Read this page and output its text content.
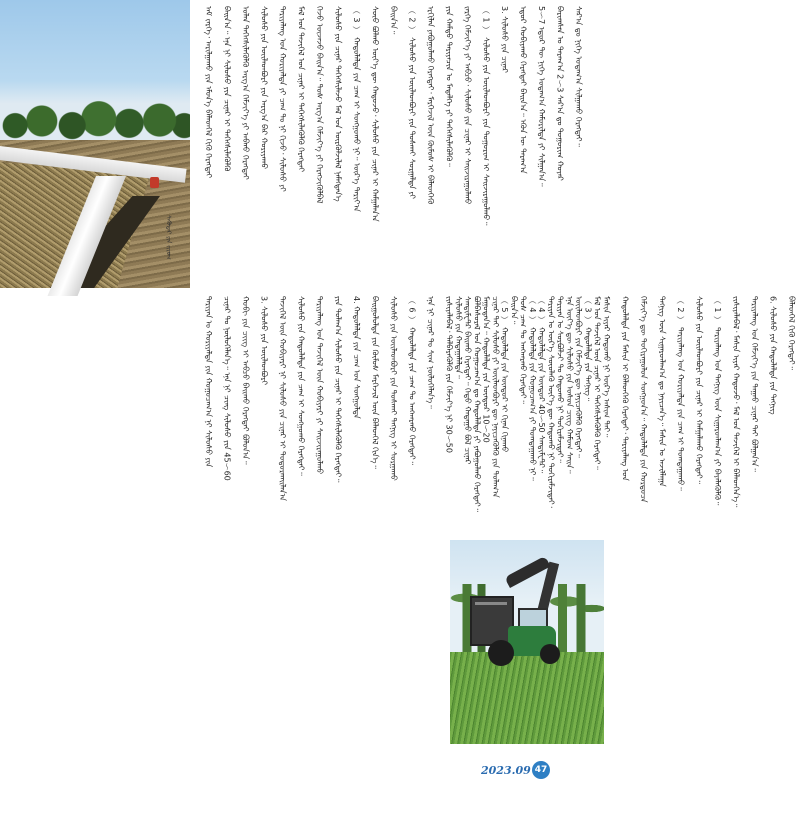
ᠰᠡᠭᠦᠳᠡᠷ ᠶᠢᠨ ᠵᠢᠷᠤᠭ
ᠠᠮ ᠵᠡᠷᠭᠡ᠂ ᠠᠷᠢᠯᠭᠠᠬᠤ ᠶᠢᠨ ᠡᠮᠦᠨ᠎ᠡ ᠪᠡᠯᠡᠳᠬᠡᠯ ᠬᠢᠬᠦ ᠬᠡᠷᠡᠭᠲᠡᠢ ᠪᠠᠢᠨ᠎ᠠ᠃ ᠡᠨᠡ ᠨᠢ ᠰᠢᠯᠤᠰᠤ ᠶᠢᠨ ᠴᠢᠨᠠᠷ ᠢ ᠳᠡᠭᠡᠭᠰᠢᠯᠡᠭᠦᠯᠬᠦ ᠤᠯᠠᠨ ᠳᠡᠭᠡᠭᠰᠢᠯᠡᠭᠦᠯᠬᠦ ᠠᠷᠭ᠎ᠠ ᠬᠡᠮᠵᠢᠶ᠎ᠡ ᠶᠢ ᠠᠪᠬᠤ ᠬᠡᠷᠡᠭᠲᠡᠢ ᠰᠢᠯᠤᠰᠤ ᠶᠢᠨ ᠦᠢᠯᠡᠳᠪᠦᠷᠢ ᠶᠢᠨ ᠠᠷᠭ᠎ᠠ ᠪᠠᠷ ᠬᠤᠷᠢᠶᠠᠬᠤ ᠲᠠᠷᠢᠶᠠᠯᠠᠩ ᠤᠨ ᠬᠤᠷᠢᠶᠠᠯᠲᠠ ᠶᠢ ᠴᠠᠭ ᠲᠤ ᠨᠢ ᠬᠢᠵᠦ᠂ ᠰᠢᠯᠤᠰᠤ ᠶᠢ ᠮᠠᠯ ᠤᠨ ᠲᠡᠵᠢᠭᠡᠯ ᠤᠨ ᠴᠢᠨᠠᠷ ᠢ ᠳᠡᠭᠡᠭᠰᠢᠯᠡᠭᠦᠯᠬᠦ ᠬᠡᠷᠡᠭᠲᠡᠢ ᠭᠡᠵᠦ ᠦᠵᠡᠵᠦ ᠪᠠᠢᠨ᠎ᠠ᠃ ᠲᠤᠰ ᠠᠷᠭ᠎ᠠ ᠬᠡᠮᠵᠢᠶ᠎ᠡ ᠶᠢ ᠬᠡᠷᠡᠭᠵᠢᠭᠦᠯᠪᠡᠯ ᠰᠢᠯᠤᠰᠤ ᠶᠢᠨ ᠴᠢᠨᠠᠷ ᠳᠡᠭᠡᠭᠰᠢᠯᠡᠵᠦ ᠮᠠᠯ ᠤᠨ ᠦᠷᠭᠦᠯᠵᠢᠯᠡᠯ ᠨᠡᠮᠡᠭᠳᠡᠨ᠎ᠡ （ 3 ） ᠬᠠᠳᠤᠯᠠᠯᠲᠠ ᠶᠢᠨ ᠴᠠᠭ ᠢ ᠰᠤᠩᠭᠤᠬᠤ ᠨᠢ᠃ ᠦᠷ᠎ᠡ ᠲᠠᠷᠢᠶ᠎ᠠ ᠰᠦᠦ ᠪᠤᠯᠬᠤ ᠦᠶ᠎ᠡ ᠳᠦ ᠬᠠᠳᠤᠵᠤ᠂ ᠰᠢᠯᠤᠰᠤ ᠶᠢᠨ ᠴᠢᠨᠠᠷ ᠢ ᠬᠠᠮᠭᠠᠯᠠᠨ᠎ᠠ ᠪᠠᠢᠨ᠎ᠠ᠃ （ 2 ） ᠰᠢᠯᠤᠰᠤ ᠶᠢᠨ ᠦᠢᠯᠡᠳᠪᠦᠷᠢ ᠶᠢᠨ ᠲᠤᠰᠬᠠᠢ ᠰᠤᠷᠭᠠᠯᠲᠠ ᠶᠢ ᠡᠷᠬᠢᠯᠡᠨ ᠶᠠᠪᠤᠭᠤᠯᠬᠤ ᠬᠡᠷᠡᠭᠲᠡᠢ᠂ ᠮᠡᠷᠭᠡᠵᠢᠯ ᠦᠨ ᠬᠦᠮᠦᠰ ᠢ ᠪᠡᠯᠡᠳᠬᠡᠬᠦ ᠶᠢᠨ ᠬᠠᠮᠲᠤ ᠲᠠᠷᠢᠶᠠᠴᠢᠨ ᠤ ᠮᠡᠳᠡᠯᠭᠡ ᠶᠢ ᠳᠡᠭᠡᠭᠰᠢᠯᠡᠭᠦᠯᠬᠦ᠃ ᠵᠡᠷᠭᠡ ᠬᠡᠮᠵᠢᠶ᠎ᠡ ᠶᠢ ᠠᠪᠴᠤ᠂ ᠰᠢᠯᠤᠰᠤ ᠶᠢᠨ ᠴᠢᠨᠠᠷ ᠢ ᠰᠠᠢᠵᠢᠷᠠᠭᠤᠯᠬᠤ （ 1 ） ᠰᠢᠯᠤᠰᠤ ᠶᠢᠨ ᠦᠢᠯᠡᠳᠪᠦᠷᠢ ᠶᠢᠨ ᠲᠤᠭᠤᠷᠢᠭ ᠢ ᠰᠠᠢᠵᠢᠷᠠᠭᠤᠯᠬᠤ᠃ 3. ᠰᠢᠯᠤᠰᠤ ᠶᠢᠨ ᠴᠢᠨᠠᠷ ᠡᠳᠦᠷ ᠬᠤᠪᠢᠶᠠᠬᠤ ᠬᠡᠷᠡᠭᠲᠡᠢ ᠪᠠᠢᠨ᠎ᠠ᠃ ᠡᠭᠦᠨ ᠦ ᠳᠠᠷᠠᠭ᠎ᠠ 5～7 ᠡᠳᠦᠷ ᠲᠦ ᠨᠢᠭᠡ ᠤᠳᠠᠭ᠎ᠠ ᠬᠠᠮᠤᠷᠢᠯᠲᠠ ᠶᠢ ᠰᠢᠯᠭᠠᠨ᠎ᠠ᠃ ᠪᠠᠷᠢᠭᠰᠠᠨ ᠤ ᠳᠠᠷᠠᠭ᠎ᠠ 2～3 ᠰᠠᠷ᠎ᠠ ᠳᠤ ᠲᠤᠭᠤᠷᠢᠭ ᠬᠤᠶᠠᠷ ᠰᠠᠷ᠎ᠠ ᠳᠤ ᠨᠢᠭᠡ ᠤᠳᠠᠭ᠎ᠠ ᠰᠢᠯᠭᠠᠬᠤ ᠬᠡᠷᠡᠭᠲᠡᠢ᠃
ᠲᠠᠷᠢᠶᠠᠨ ᠤ ᠬᠤᠷᠢᠶᠠᠯᠲᠠ ᠶᠢᠨ ᠬᠤᠭᠤᠴᠠᠭ᠎ᠠ ᠨᠢ ᠰᠢᠯᠤᠰᠤ ᠶᠢᠨ ᠴᠢᠨᠠᠷ ᠲᠤ ᠨᠦᠯᠦᠭᠡᠯᠡᠨ᠎ᠡ᠃ ᠡᠨᠡ ᠨᠢ ᠴᠢᠩ ᠰᠢᠯᠤᠰᠤ ᠶᠢᠨ 45～60 ᠬᠤᠪᠢ ᠶᠢᠨ ᠴᠢᠢᠭ ᠢ ᠠᠪᠴᠤ ᠪᠠᠢᠬᠤ ᠬᠡᠷᠡᠭᠲᠡᠢ ᠪᠤᠯᠤᠨ᠎ᠠ᠃ 3. ᠰᠢᠯᠤᠰᠤ ᠶᠢᠨ ᠦᠢᠯᠡᠳᠪᠦᠷᠢ ᠲᠡᠵᠢᠭᠡᠯ ᠦᠨ ᠬᠤᠪᠢᠶᠠᠷᠢ ᠨᠢ ᠰᠢᠯᠤᠰᠤ ᠶᠢᠨ ᠴᠢᠨᠠᠷ ᠢ ᠲᠤᠳᠤᠷᠬᠠᠢᠯᠠᠨ᠎ᠠ ᠰᠢᠯᠤᠰᠤ ᠶᠢᠨ ᠬᠠᠳᠤᠯᠠᠯᠲᠠ ᠶᠢᠨ ᠴᠠᠭ ᠢ ᠰᠤᠩᠭᠤᠬᠤ ᠬᠡᠷᠡᠭᠲᠡᠢ᠃ ᠲᠠᠷᠢᠶᠠᠯᠠᠩ ᠤᠨ ᠲᠡᠵᠢᠭᠡᠯ ᠦᠨ ᠬᠤᠪᠢᠶᠠᠷᠢ ᠶᠢ ᠰᠠᠢᠵᠢᠷᠠᠭᠤᠯᠬᠤ ᠶᠢᠨ ᠲᠤᠯᠠᠭ᠎ᠠ ᠰᠢᠯᠤᠰᠤ ᠶᠢᠨ ᠴᠢᠨᠠᠷ ᠢ ᠳᠡᠭᠡᠭᠰᠢᠯᠡᠭᠦᠯᠬᠦ ᠬᠡᠷᠡᠭᠲᠡᠢ᠃ 4. ᠬᠠᠳᠤᠯᠠᠯᠲᠠ ᠶᠢᠨ ᠴᠠᠭ ᠤᠨ ᠰᠤᠩᠭᠤᠯᠲᠠ ᠪᠠᠢᠭᠤᠯᠤᠯᠳᠠ ᠶᠢᠨ ᠬᠦᠮᠦᠰ ᠮᠡᠷᠭᠡᠵᠢᠯ ᠦᠨ ᠪᠡᠯᠡᠳᠬᠡᠯ ᠬᠢᠨ᠎ᠡ᠃ ᠰᠢᠯᠤᠰᠤ ᠶᠢᠨ ᠦᠢᠯᠡᠳᠪᠦᠷᠢ ᠶᠢᠨ ᠲᠤᠰᠬᠠᠢ ᠲᠡᠬᠨᠢᠭ ᠢ ᠰᠤᠷᠭᠠᠬᠤ （ 6 ） ᠬᠠᠳᠤᠯᠠᠯᠲᠠ ᠶᠢᠨ ᠴᠠᠭ ᠲᠤ ᠠᠩᠬᠠᠷᠬᠤ ᠬᠡᠷᠡᠭᠲᠡᠢ᠃ ᠡᠨᠡ ᠨᠢ ᠴᠢᠨᠠᠷ ᠲᠤ ᠰᠢᠭ᠋ ᠨᠦᠯᠦᠭᠡᠯᠡᠨ᠎ᠡ᠃ ᠵᠢᠰᠢᠶᠡᠯᠡᠪᠡᠯ᠂ ᠳᠡᠯᠪᠡᠷᠡᠭᠦᠯᠬᠦ ᠶᠢᠨ ᠬᠡᠮᠵᠢᠶ᠎ᠡ ᠨᠢ 30～50 ᠰᠠᠨᠲᠢᠮᠸᠲᠷ ᠪᠠᠢᠬᠤ ᠬᠡᠷᠡᠭᠲᠡᠢ᠃ ᠬᠡᠲᠦ ᠬᠠᠳᠠᠭᠤ ᠪᠤᠯ ᠴᠢᠨᠠᠷ ᠮᠠᠭᠤᠳᠠᠨ᠎ᠠ᠃ ᠬᠠᠳᠤᠯᠠᠯᠲᠠ ᠶᠢᠨ ᠦᠨᠳᠦᠷ 10～20 （ 5 ） ᠬᠠᠳᠤᠯᠠᠯᠲᠠ ᠶᠢᠨ ᠦᠨᠳᠦᠷ ᠢ ᠬᠢᠨᠠᠨ ᠬᠢᠨᠠᠬᠤ ᠲᠤᠰ ᠴᠠᠭ ᠲᠤ ᠠᠩᠬᠠᠷᠬᠤ ᠬᠡᠷᠡᠭᠲᠡᠢ᠃ （ 4 ） ᠬᠠᠳᠤᠯᠠᠯᠲᠠ ᠶᠢᠨ ᠦᠨᠳᠦᠷ 40～50 ᠰᠠᠨᠲᠢᠮᠸᠲᠷ᠃ ᠲᠠᠷᠢᠶᠠᠨ ᠤ ᠰᠤᠷᠪᠤᠯᠵᠢ ᠲᠤ ᠬᠠᠳᠤᠬᠤ ᠨᠢ ᠳᠤᠬᠢᠷᠠᠮᠵᠢᠲᠠᠢ᠃ ᠦᠢᠯᠡᠳᠪᠦᠷᠢ ᠶᠢᠨ ᠬᠡᠮᠵᠢᠶ᠎ᠡ ᠳᠦ ᠨᠡᠶᠢᠴᠡᠭᠦᠯᠬᠦ ᠬᠡᠷᠡᠭᠲᠡᠢ᠃ ᠮᠠᠯ ᠤᠨ ᠲᠡᠵᠢᠭᠡᠯ ᠦᠨ ᠴᠢᠨᠠᠷ ᠢ ᠳᠡᠭᠡᠭᠰᠢᠯᠡᠭᠦᠯᠬᠦ ᠬᠡᠷᠡᠭᠲᠡᠢ᠃
ᠰᠢᠯᠤᠰᠤ ᠶᠢᠨ ᠬᠠᠳᠠᠭᠠᠯᠠᠯᠲᠠ᠃ ᠪᠤᠯᠪᠠᠰᠤᠷᠠᠯ ᠤᠨ ᠬᠤᠭᠤᠴᠠᠭ᠎ᠠ ᠳᠤ ᠬᠠᠳᠤᠯᠠᠯᠲᠠ ᠶᠢ ᠶᠠᠪᠤᠭᠤᠯᠬᠤ ᠬᠡᠷᠡᠭᠲᠡᠢ᠃ ᠴᠢᠨᠠᠷ ᠲᠠᠢ ᠰᠢᠯᠤᠰᠤ ᠶᠢ ᠦᠢᠯᠡᠳᠪᠦᠷᠢ ᠳᠦ ᠨᠡᠶᠢᠴᠡᠭᠦᠯᠬᠦ ᠶᠢᠨ ᠲᠤᠯᠠᠭ᠎ᠠ ᠪᠠᠢᠨ᠎ᠠ᠃ （ 4 ） ᠬᠠᠳᠤᠯᠠᠯᠲᠠ ᠶᠢᠨ ᠬᠤᠭᠤᠴᠠᠭ᠎ᠠ ᠶᠢ ᠲᠤᠭᠲᠠᠭᠠᠬᠤ ᠨᠢ᠃ ᠲᠠᠷᠢᠶᠠᠨ ᠤ ᠦᠷ᠎ᠡ ᠰᠦᠦᠯᠡᠬᠦ ᠦᠶ᠎ᠡ ᠳᠦ ᠬᠠᠳᠤᠬᠤ ᠨᠢ ᠳᠤᠬᠢᠷᠠᠮᠵᠢᠲᠠᠢ᠂ ᠡᠨᠡ ᠦᠶ᠎ᠡ ᠳᠦ ᠰᠢᠯᠤᠰᠤ ᠶᠢᠨ ᠤᠰᠤᠨ ᠴᠢᠢᠭ ᠬᠠᠮᠤᠭ ᠰᠠᠢᠨ᠃ （ 3 ） ᠬᠠᠳᠤᠯᠠᠯᠲᠠ ᠶᠢᠨ ᠲᠡᠬᠨᠢᠭ᠃ ᠮᠠᠰᠢᠨ ᠢᠶᠠᠷ ᠬᠠᠳᠤᠬᠤ ᠨᠢ ᠦᠷ᠎ᠡ ᠠᠰᠢᠭ ᠲᠠᠢ᠃ ᠬᠠᠳᠤᠯᠠᠯᠲᠠ ᠶᠢᠨ ᠮᠠᠰᠢᠨ ᠢ ᠪᠡᠯᠡᠳᠬᠡᠬᠦ ᠬᠡᠷᠡᠭᠲᠡᠢ᠂ ᠲᠠᠷᠢᠶᠠᠯᠠᠩ ᠤᠨ ᠬᠡᠮᠵᠢᠶ᠎ᠡ ᠳᠦ ᠲᠤᠬᠢᠷᠠᠭᠤᠯᠤᠨ ᠰᠤᠩᠭᠤᠨ᠎ᠠ᠃ ᠬᠠᠳᠤᠯᠠᠯᠲᠠ ᠶᠢᠨ ᠬᠤᠷᠳᠤᠴᠠ ᠲᠡᠬᠨᠢᠭ ᠦᠨ ᠰᠢᠭᠠᠷᠳᠯᠠᠭ᠎ᠠ ᠳᠤ ᠨᠡᠶᠢᠴᠡᠨ᠎ᠡ᠃ ᠮᠠᠰᠢᠨ ᠤ ᠠᠵᠢᠯᠯᠠᠭᠠ （ 2 ） ᠲᠠᠷᠢᠶᠠᠯᠠᠩ ᠤᠨ ᠬᠤᠷᠢᠶᠠᠯᠲᠠ ᠶᠢᠨ ᠴᠠᠭ ᠢ ᠲᠤᠭᠲᠠᠭᠠᠬᠤ᠃ ᠰᠢᠯᠤᠰᠤ ᠶᠢᠨ ᠦᠢᠯᠡᠳᠪᠦᠷᠢ ᠶᠢᠨ ᠴᠢᠨᠠᠷ ᠢ ᠬᠠᠮᠭᠠᠯᠠᠬᠤ ᠬᠡᠷᠡᠭᠲᠡᠢ᠃ （ 1 ） ᠲᠠᠷᠢᠶᠠᠯᠠᠩ ᠤᠨ ᠲᠡᠬᠨᠢᠭ ᠦᠨ ᠰᠢᠭᠠᠷᠳᠯᠠᠭ᠎ᠠ ᠶᠢ ᠪᠡᠶᠡᠯᠡᠭᠦᠯᠬᠦ᠃ ᠵᠢᠰᠢᠶᠡᠯᠡᠪᠡᠯ᠂ ᠮᠠᠰᠢᠨ ᠢᠶᠠᠷ ᠬᠠᠳᠤᠵᠤ᠂ ᠮᠠᠯ ᠤᠨ ᠲᠡᠵᠢᠭᠡᠯ ᠢ ᠪᠡᠯᠡᠳᠬᠡᠨ᠎ᠡ᠃ ᠲᠠᠷᠢᠶᠠᠯᠠᠩ ᠤᠨ ᠬᠡᠮᠵᠢᠶ᠎ᠡ ᠶᠢᠨ ᠳᠠᠭᠠᠤ ᠴᠢᠨᠠᠷ ᠲᠠᠢ ᠪᠤᠯᠭᠠᠨ᠎ᠠ᠃ 6. ᠰᠢᠯᠤᠰᠤ ᠶᠢᠨ ᠬᠠᠳᠤᠯᠠᠯᠲᠠ ᠶᠢᠨ ᠲᠡᠬᠨᠢᠭ ᠪᠡᠯᠡᠳᠬᠡᠯ ᠬᠢᠬᠦ ᠬᠡᠷᠡᠭᠲᠡᠢ᠃
2023.09 47
